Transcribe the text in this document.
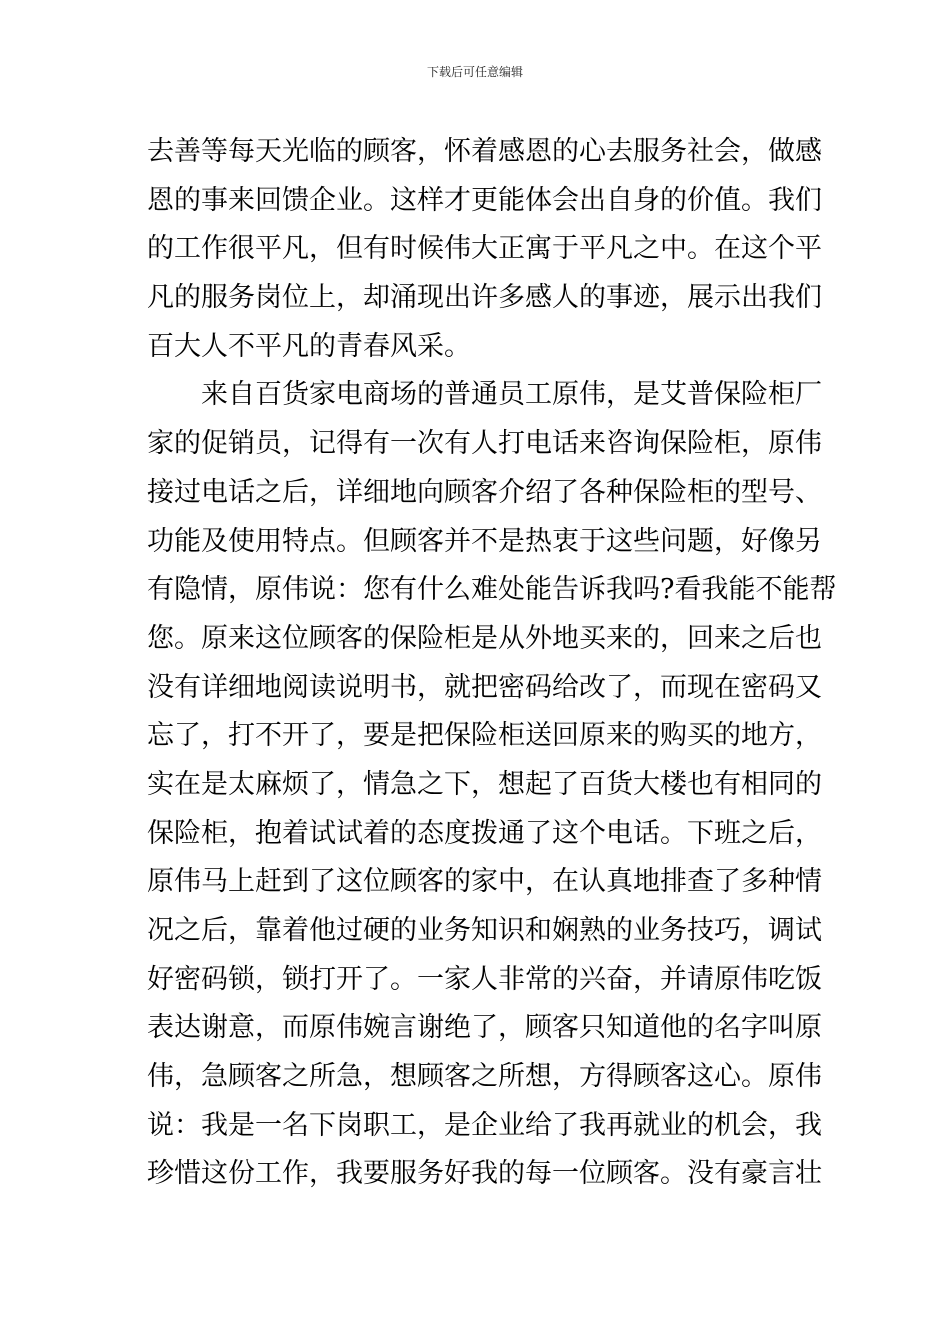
下载后可任意编辑
去善等每天光临的顾客，怀着感恩的心去服务社会，做感
恩的事来回馈企业。这样才更能体会出自身的价值。我们
的工作很平凡，但有时候伟大正寓于平凡之中。在这个平
凡的服务岗位上，却涌现出许多感人的事迹，展示出我们
百大人不平凡的青春风采。
　　来自百货家电商场的普通员工原伟，是艾普保险柜厂
家的促销员，记得有一次有人打电话来咨询保险柜，原伟
接过电话之后，详细地向顾客介绍了各种保险柜的型号、
功能及使用特点。但顾客并不是热衷于这些问题，好像另
有隐情，原伟说：您有什么难处能告诉我吗?看我能不能帮
您。原来这位顾客的保险柜是从外地买来的，回来之后也
没有详细地阅读说明书，就把密码给改了，而现在密码又
忘了，打不开了，要是把保险柜送回原来的购买的地方，
实在是太麻烦了，情急之下，想起了百货大楼也有相同的
保险柜，抱着试试着的态度拨通了这个电话。下班之后，
原伟马上赶到了这位顾客的家中，在认真地排查了多种情
况之后，靠着他过硬的业务知识和娴熟的业务技巧，调试
好密码锁，锁打开了。一家人非常的兴奋，并请原伟吃饭
表达谢意，而原伟婉言谢绝了，顾客只知道他的名字叫原
伟，急顾客之所急，想顾客之所想，方得顾客这心。原伟
说：我是一名下岗职工，是企业给了我再就业的机会，我
珍惜这份工作，我要服务好我的每一位顾客。没有豪言壮
